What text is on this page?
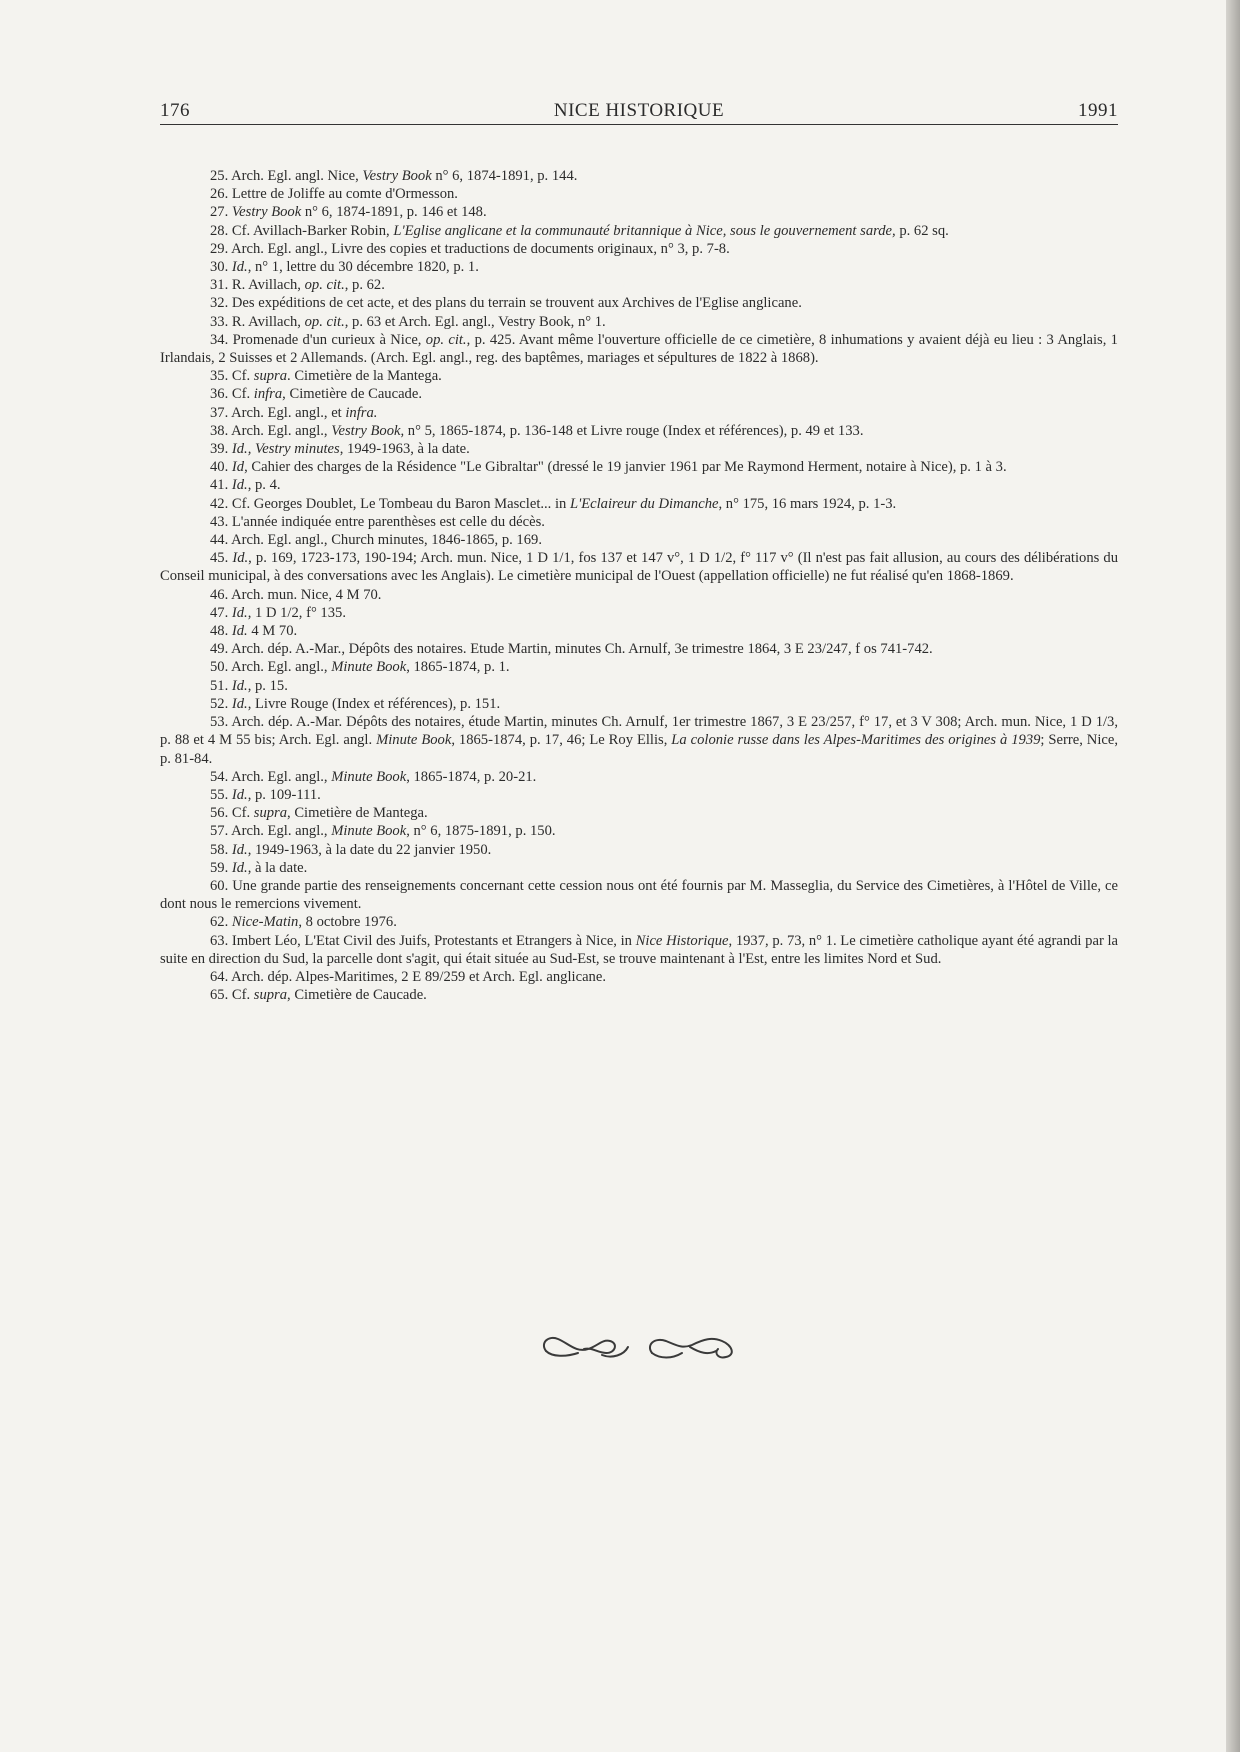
176	NICE HISTORIQUE	1991

25. Arch. Egl. angl. Nice, Vestry Book n° 6, 1874-1891, p. 144.

26. Lettre de Joliffe au comte d'Ormesson.

27. Vestry Book n° 6, 1874-1891, p. 146 et 148.

28. Cf. Avillach-Barker Robin, L'Eglise anglicane et la communauté britannique à Nice, sous le gouvernement sarde, p. 62 sq.

29. Arch. Egl. angl., Livre des copies et traductions de documents originaux, n° 3, p. 7-8.

30. Id., n° 1, lettre du 30 décembre 1820, p. 1.

31. R. Avillach, op. cit., p. 62.

32. Des expéditions de cet acte, et des plans du terrain se trouvent aux Archives de l'Eglise anglicane.

33. R. Avillach, op. cit., p. 63 et Arch. Egl. angl., Vestry Book, n° 1.

34. Promenade d'un curieux à Nice, op. cit., p. 425. Avant même l'ouverture officielle de ce cimetière, 8 inhumations y avaient déjà eu lieu : 3 Anglais, 1 Irlandais, 2 Suisses et 2 Allemands. (Arch. Egl. angl., reg. des baptêmes, mariages et sépultures de 1822 à 1868).

35. Cf. supra. Cimetière de la Mantega.

36. Cf. infra, Cimetière de Caucade.

37. Arch. Egl. angl., et infra.

38. Arch. Egl. angl., Vestry Book, n° 5, 1865-1874, p. 136-148 et Livre rouge (Index et références), p. 49 et 133.

39. Id., Vestry minutes, 1949-1963, à la date.

40. Id, Cahier des charges de la Résidence "Le Gibraltar" (dressé le 19 janvier 1961 par Me Raymond Herment, notaire à Nice), p. 1 à 3.

41. Id., p. 4.

42. Cf. Georges Doublet, Le Tombeau du Baron Masclet... in L'Eclaireur du Dimanche, n° 175, 16 mars 1924, p. 1-3.

43. L'année indiquée entre parenthèses est celle du décès.

44. Arch. Egl. angl., Church minutes, 1846-1865, p. 169.

45. Id., p. 169, 1723-173, 190-194; Arch. mun. Nice, 1 D 1/1, fos 137 et 147 v°, 1 D 1/2, f° 117 v° (Il n'est pas fait allusion, au cours des délibérations du Conseil municipal, à des conversations avec les Anglais). Le cimetière municipal de l'Ouest (appellation officielle) ne fut réalisé qu'en 1868-1869.

46. Arch. mun. Nice, 4 M 70.

47. Id., 1 D 1/2, f° 135.

48. Id. 4 M 70.

49. Arch. dép. A.-Mar., Dépôts des notaires. Etude Martin, minutes Ch. Arnulf, 3e trimestre 1864, 3 E 23/247, f os 741-742.

50. Arch. Egl. angl., Minute Book, 1865-1874, p. 1.

51. Id., p. 15.

52. Id., Livre Rouge (Index et références), p. 151.

53. Arch. dép. A.-Mar. Dépôts des notaires, étude Martin, minutes Ch. Arnulf, 1er trimestre 1867, 3 E 23/257, f° 17, et 3 V 308; Arch. mun. Nice, 1 D 1/3, p. 88 et 4 M 55 bis; Arch. Egl. angl. Minute Book, 1865-1874, p. 17, 46; Le Roy Ellis, La colonie russe dans les Alpes-Maritimes des origines à 1939; Serre, Nice, p. 81-84.

54. Arch. Egl. angl., Minute Book, 1865-1874, p. 20-21.

55. Id., p. 109-111.

56. Cf. supra, Cimetière de Mantega.

57. Arch. Egl. angl., Minute Book, n° 6, 1875-1891, p. 150.

58. Id., 1949-1963, à la date du 22 janvier 1950.

59. Id., à la date.

60. Une grande partie des renseignements concernant cette cession nous ont été fournis par M. Masseglia, du Service des Cimetières, à l'Hôtel de Ville, ce dont nous le remercions vivement.

62. Nice-Matin, 8 octobre 1976.

63. Imbert Léo, L'Etat Civil des Juifs, Protestants et Etrangers à Nice, in Nice Historique, 1937, p. 73, n° 1. Le cimetière catholique ayant été agrandi par la suite en direction du Sud, la parcelle dont s'agit, qui était située au Sud-Est, se trouve maintenant à l'Est, entre les limites Nord et Sud.

64. Arch. dép. Alpes-Maritimes, 2 E 89/259 et Arch. Egl. anglicane.

65. Cf. supra, Cimetière de Caucade.
